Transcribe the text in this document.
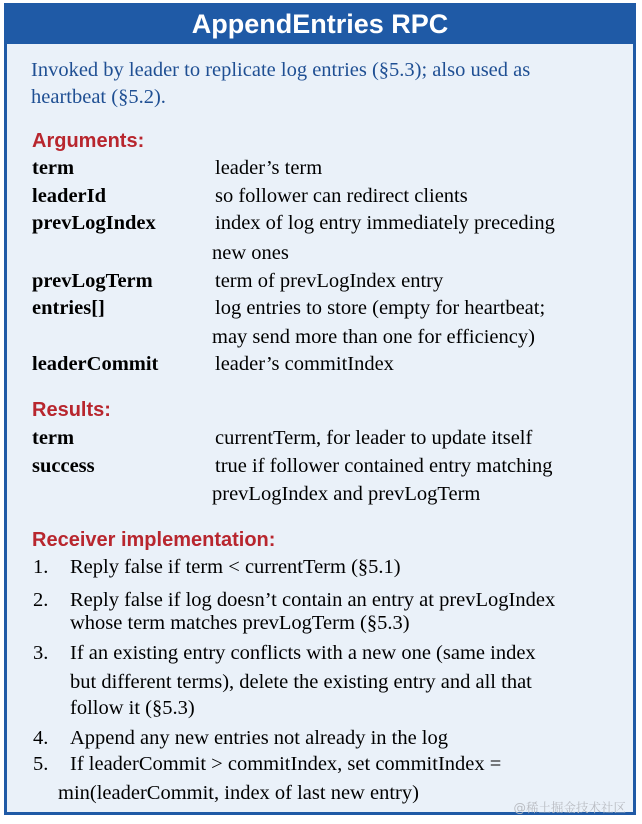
AppendEntries RPC
Invoked by leader to replicate log entries (§5.3); also used as
heartbeat (§5.2).
Arguments:
term	leader’s term
leaderId	so follower can redirect clients
prevLogIndex	index of log entry immediately preceding
new ones
prevLogTerm	term of prevLogIndex entry
entries[]	log entries to store (empty for heartbeat;
may send more than one for efficiency)
leaderCommit	leader’s commitIndex
Results:
term	currentTerm, for leader to update itself
success	true if follower contained entry matching
prevLogIndex and prevLogTerm
Receiver implementation:
1. Reply false if term < currentTerm (§5.1)
2. Reply false if log doesn’t contain an entry at prevLogIndex
whose term matches prevLogTerm (§5.3)
3. If an existing entry conflicts with a new one (same index
but different terms), delete the existing entry and all that
follow it (§5.3)
4. Append any new entries not already in the log
5. If leaderCommit > commitIndex, set commitIndex =
min(leaderCommit, index of last new entry)
@稀土掘金技术社区
